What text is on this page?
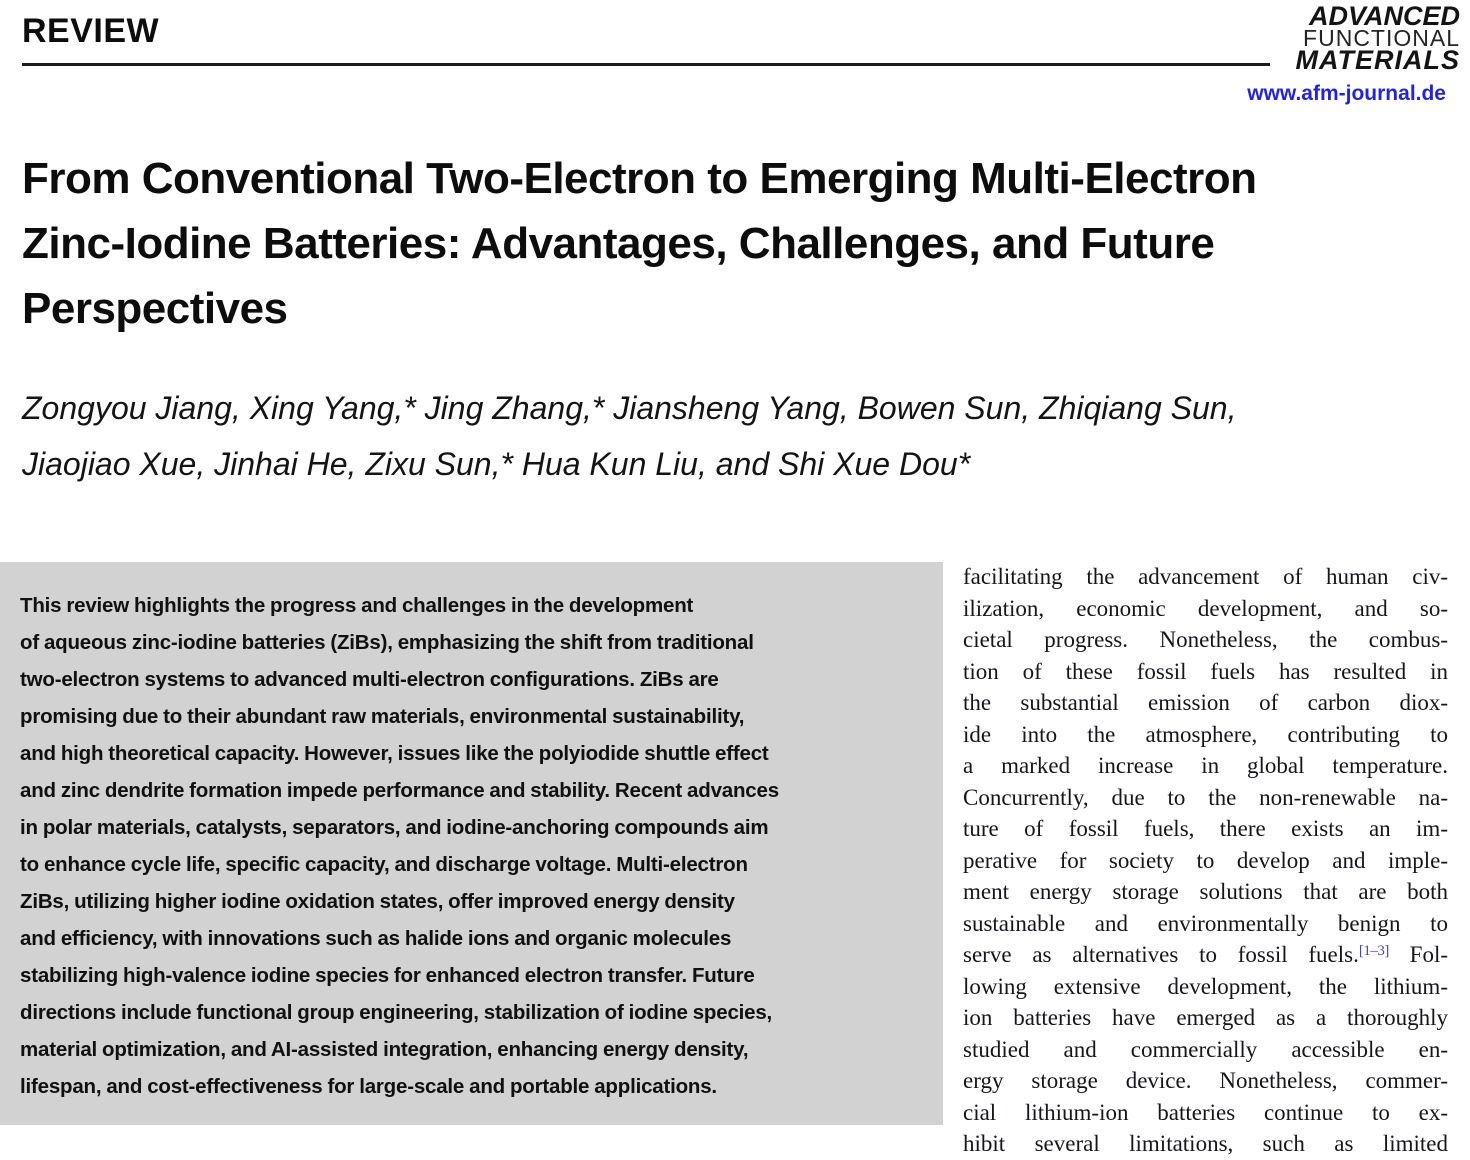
REVIEW	ADVANCED
FUNCTIONAL
MATERIALS
www.afm-journal.de
From Conventional Two-Electron to Emerging Multi-Electron
Zinc-Iodine Batteries: Advantages, Challenges, and Future
Perspectives
Zongyou Jiang, Xing Yang,* Jing Zhang,* Jiansheng Yang, Bowen Sun, Zhiqiang Sun,
Jiaojiao Xue, Jinhai He, Zixu Sun,* Hua Kun Liu, and Shi Xue Dou*
This review highlights the progress and challenges in the development
of aqueous zinc-iodine batteries (ZiBs), emphasizing the shift from traditional
two-electron systems to advanced multi-electron configurations. ZiBs are
promising due to their abundant raw materials, environmental sustainability,
and high theoretical capacity. However, issues like the polyiodide shuttle effect
and zinc dendrite formation impede performance and stability. Recent advances
in polar materials, catalysts, separators, and iodine-anchoring compounds aim
to enhance cycle life, specific capacity, and discharge voltage. Multi-electron
ZiBs, utilizing higher iodine oxidation states, offer improved energy density
and efficiency, with innovations such as halide ions and organic molecules
stabilizing high-valence iodine species for enhanced electron transfer. Future
directions include functional group engineering, stabilization of iodine species,
material optimization, and AI-assisted integration, enhancing energy density,
lifespan, and cost-effectiveness for large-scale and portable applications.
facilitating the advancement of human civ-
ilization, economic development, and so-
cietal progress. Nonetheless, the combus-
tion of these fossil fuels has resulted in
the substantial emission of carbon diox-
ide into the atmosphere, contributing to
a marked increase in global temperature.
Concurrently, due to the non-renewable na-
ture of fossil fuels, there exists an im-
perative for society to develop and imple-
ment energy storage solutions that are both
sustainable and environmentally benign to
serve as alternatives to fossil fuels.[1–3] Fol-
lowing extensive development, the lithium-
ion batteries have emerged as a thoroughly
studied and commercially accessible en-
ergy storage device. Nonetheless, commer-
cial lithium-ion batteries continue to ex-
hibit several limitations, such as limited
